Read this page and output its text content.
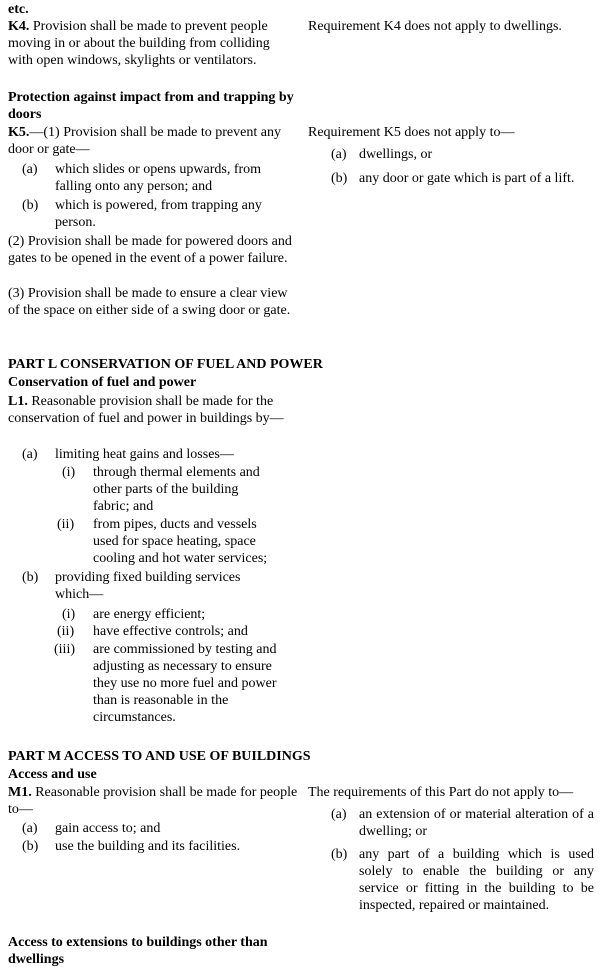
etc.
K4. Provision shall be made to prevent people moving in or about the building from colliding with open windows, skylights or ventilators.
Requirement K4 does not apply to dwellings.
Protection against impact from and trapping by doors
K5.—(1) Provision shall be made to prevent any door or gate—
(a) which slides or opens upwards, from falling onto any person; and
(b) which is powered, from trapping any person.
(2) Provision shall be made for powered doors and gates to be opened in the event of a power failure.
(3) Provision shall be made to ensure a clear view of the space on either side of a swing door or gate.
Requirement K5 does not apply to—
(a) dwellings, or
(b) any door or gate which is part of a lift.
PART L CONSERVATION OF FUEL AND POWER
Conservation of fuel and power
L1. Reasonable provision shall be made for the conservation of fuel and power in buildings by—
(a) limiting heat gains and losses—
(i) through thermal elements and other parts of the building fabric; and
(ii) from pipes, ducts and vessels used for space heating, space cooling and hot water services;
(b) providing fixed building services which—
(i) are energy efficient;
(ii) have effective controls; and
(iii) are commissioned by testing and adjusting as necessary to ensure they use no more fuel and power than is reasonable in the circumstances.
PART M ACCESS TO AND USE OF BUILDINGS
Access and use
M1. Reasonable provision shall be made for people to—
(a) gain access to; and
(b) use the building and its facilities.
The requirements of this Part do not apply to—
(a) an extension of or material alteration of a dwelling; or
(b) any part of a building which is used solely to enable the building or any service or fitting in the building to be inspected, repaired or maintained.
Access to extensions to buildings other than dwellings
